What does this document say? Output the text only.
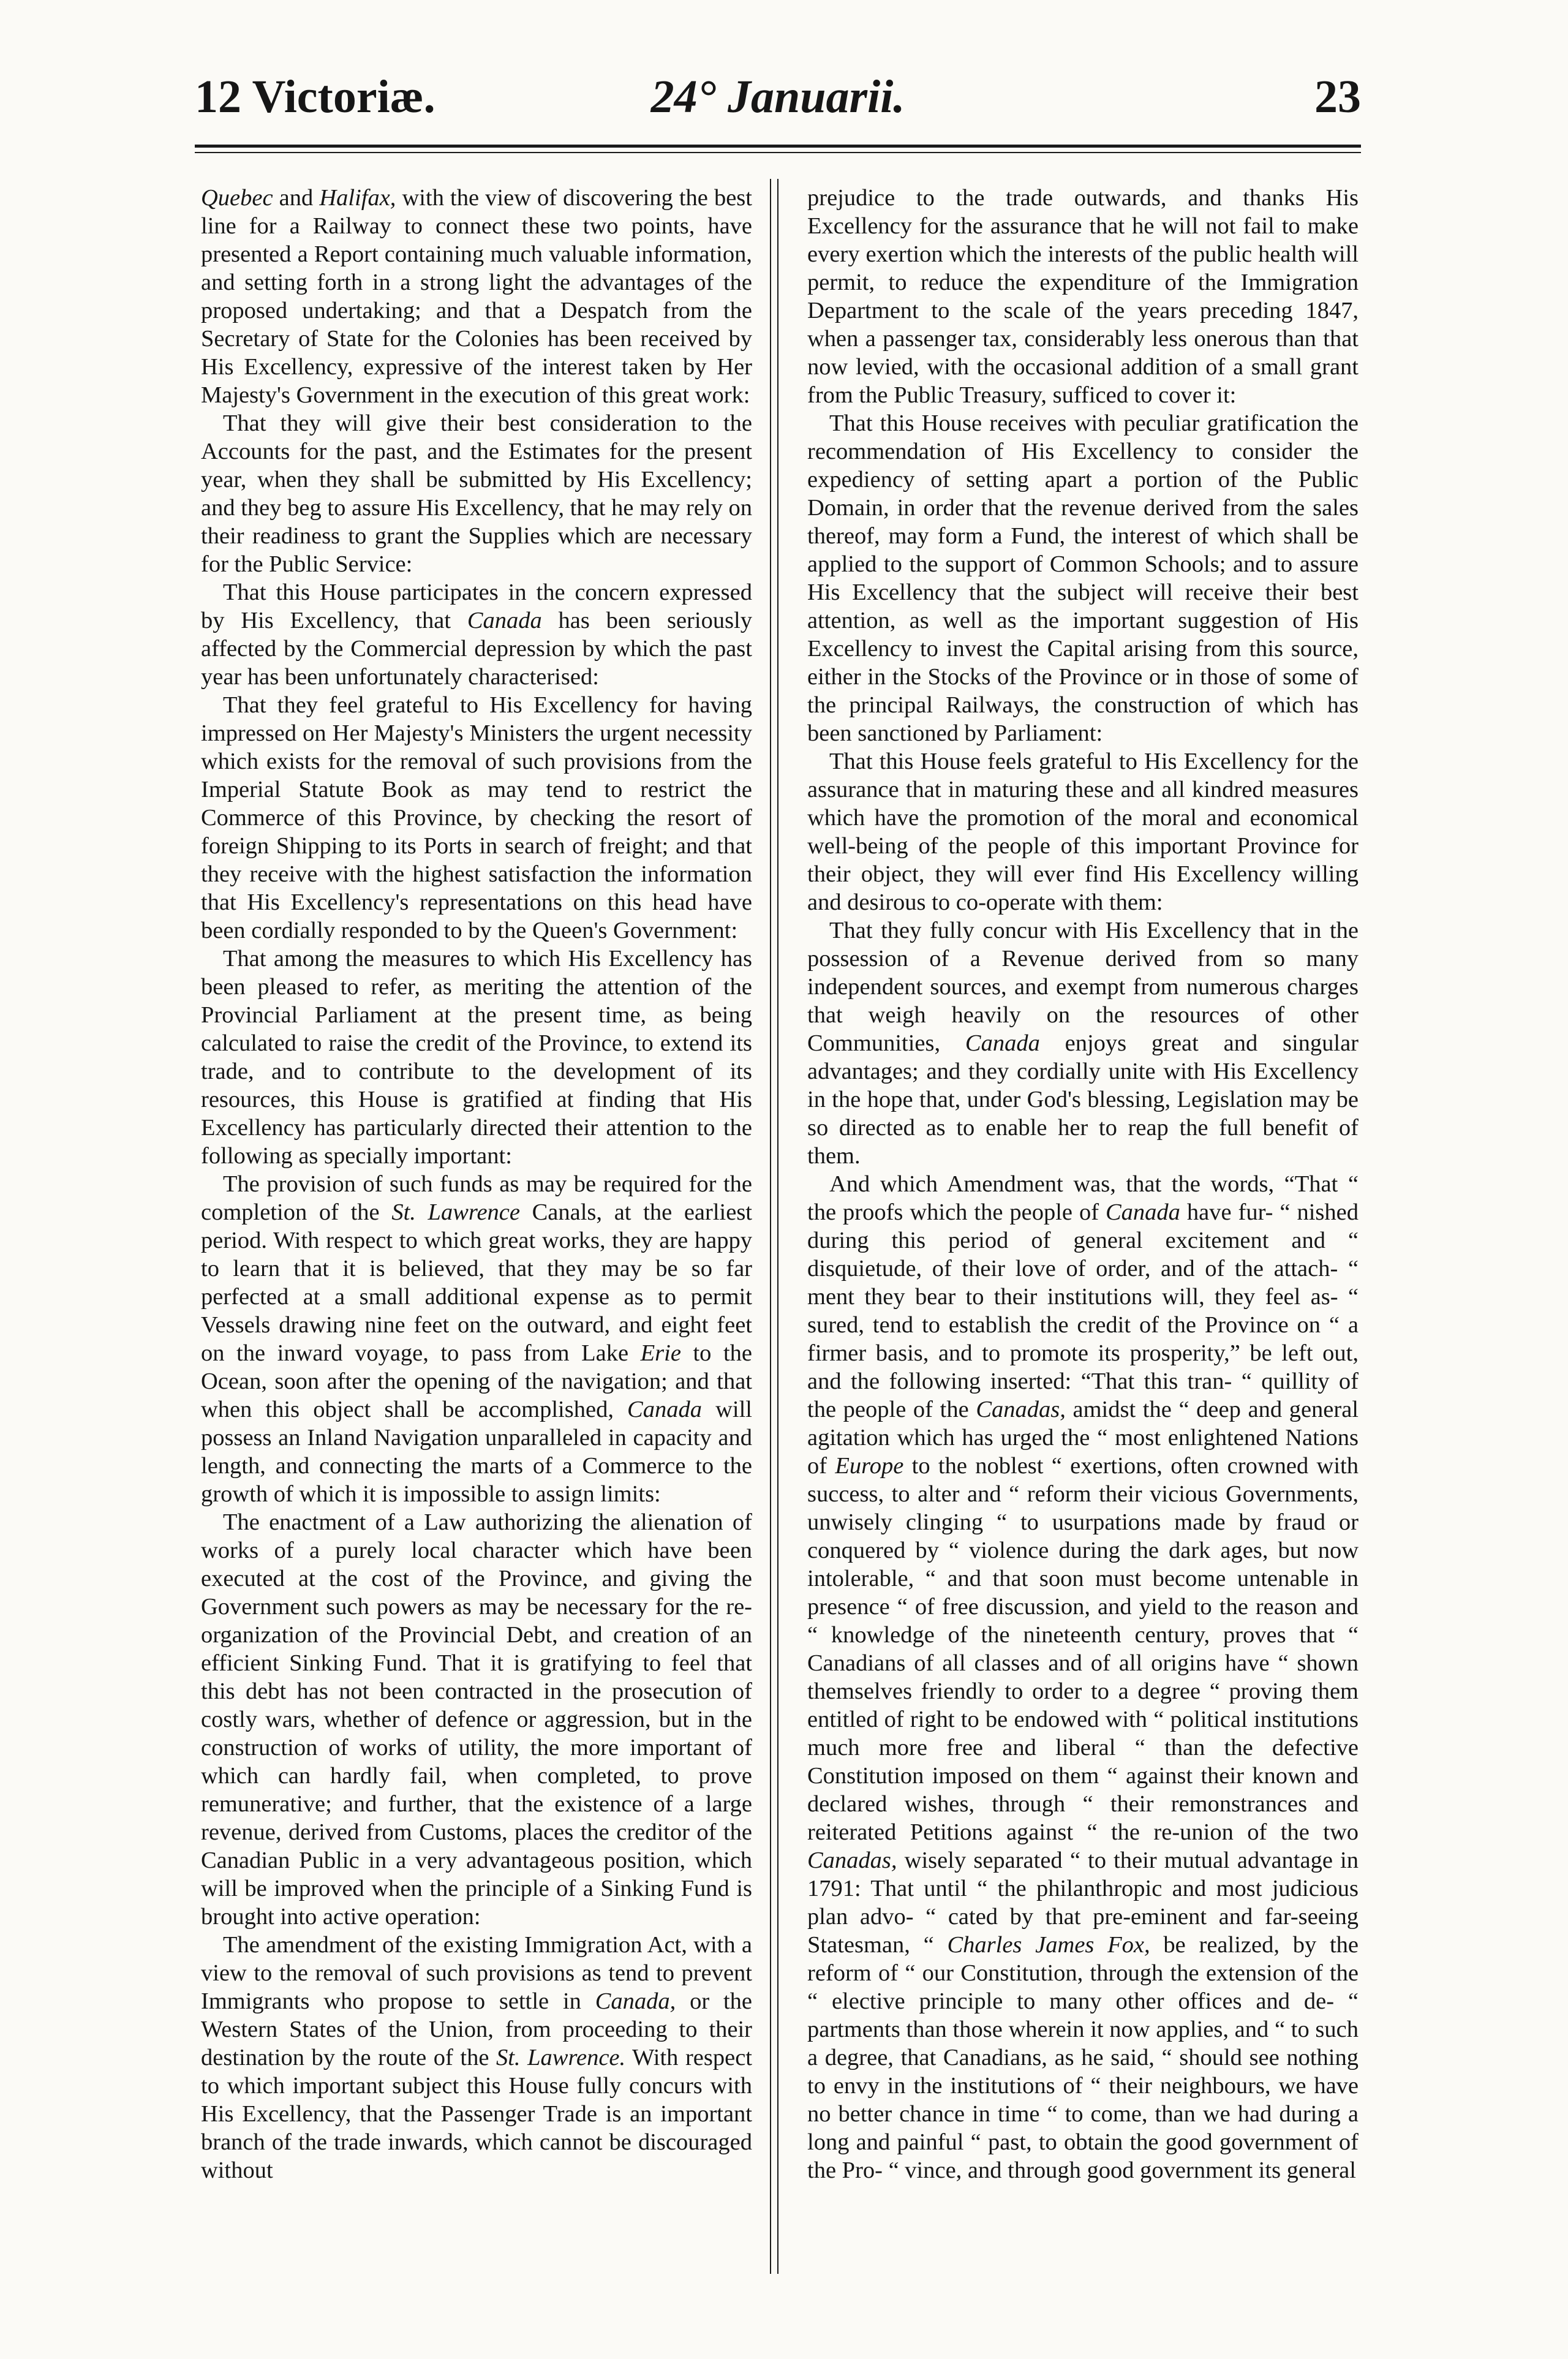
12 Victoriæ.	24° Januarii.	23

Quebec and Halifax, with the view of discovering the best line for a Railway to connect these two points, have presented a Report containing much valuable information, and setting forth in a strong light the advantages of the proposed undertaking; and that a Despatch from the Secretary of State for the Colonies has been received by His Excellency, expressive of the interest taken by Her Majesty's Government in the execution of this great work:

That they will give their best consideration to the Accounts for the past, and the Estimates for the present year, when they shall be submitted by His Excellency; and they beg to assure His Excellency, that he may rely on their readiness to grant the Supplies which are necessary for the Public Service:

That this House participates in the concern expressed by His Excellency, that Canada has been seriously affected by the Commercial depression by which the past year has been unfortunately characterised:

That they feel grateful to His Excellency for having impressed on Her Majesty's Ministers the urgent necessity which exists for the removal of such provisions from the Imperial Statute Book as may tend to restrict the Commerce of this Province, by checking the resort of foreign Shipping to its Ports in search of freight; and that they receive with the highest satisfaction the information that His Excellency's representations on this head have been cordially responded to by the Queen's Government:

That among the measures to which His Excellency has been pleased to refer, as meriting the attention of the Provincial Parliament at the present time, as being calculated to raise the credit of the Province, to extend its trade, and to contribute to the development of its resources, this House is gratified at finding that His Excellency has particularly directed their attention to the following as specially important:

The provision of such funds as may be required for the completion of the St. Lawrence Canals, at the earliest period. With respect to which great works, they are happy to learn that it is believed, that they may be so far perfected at a small additional expense as to permit Vessels drawing nine feet on the outward, and eight feet on the inward voyage, to pass from Lake Erie to the Ocean, soon after the opening of the navigation; and that when this object shall be accomplished, Canada will possess an Inland Navigation unparalleled in capacity and length, and connecting the marts of a Commerce to the growth of which it is impossible to assign limits:

The enactment of a Law authorizing the alienation of works of a purely local character which have been executed at the cost of the Province, and giving the Government such powers as may be necessary for the re-organization of the Provincial Debt, and creation of an efficient Sinking Fund. That it is gratifying to feel that this debt has not been contracted in the prosecution of costly wars, whether of defence or aggression, but in the construction of works of utility, the more important of which can hardly fail, when completed, to prove remunerative; and further, that the existence of a large revenue, derived from Customs, places the creditor of the Canadian Public in a very advantageous position, which will be improved when the principle of a Sinking Fund is brought into active operation:

The amendment of the existing Immigration Act, with a view to the removal of such provisions as tend to prevent Immigrants who propose to settle in Canada, or the Western States of the Union, from proceeding to their destination by the route of the St. Lawrence. With respect to which important subject this House fully concurs with His Excellency, that the Passenger Trade is an important branch of the trade inwards, which cannot be discouraged without

prejudice to the trade outwards, and thanks His Excellency for the assurance that he will not fail to make every exertion which the interests of the public health will permit, to reduce the expenditure of the Immigration Department to the scale of the years preceding 1847, when a passenger tax, considerably less onerous than that now levied, with the occasional addition of a small grant from the Public Treasury, sufficed to cover it:

That this House receives with peculiar gratification the recommendation of His Excellency to consider the expediency of setting apart a portion of the Public Domain, in order that the revenue derived from the sales thereof, may form a Fund, the interest of which shall be applied to the support of Common Schools; and to assure His Excellency that the subject will receive their best attention, as well as the important suggestion of His Excellency to invest the Capital arising from this source, either in the Stocks of the Province or in those of some of the principal Railways, the construction of which has been sanctioned by Parliament:

That this House feels grateful to His Excellency for the assurance that in maturing these and all kindred measures which have the promotion of the moral and economical well-being of the people of this important Province for their object, they will ever find His Excellency willing and desirous to co-operate with them:

That they fully concur with His Excellency that in the possession of a Revenue derived from so many independent sources, and exempt from numerous charges that weigh heavily on the resources of other Communities, Canada enjoys great and singular advantages; and they cordially unite with His Excellency in the hope that, under God's blessing, Legislation may be so directed as to enable her to reap the full benefit of them.

And which Amendment was, that the words, “That “ the proofs which the people of Canada have fur- “ nished during this period of general excitement and “ disquietude, of their love of order, and of the attach- “ ment they bear to their institutions will, they feel as- “ sured, tend to establish the credit of the Province on “ a firmer basis, and to promote its prosperity,” be left out, and the following inserted: “That this tran- “ quillity of the people of the Canadas, amidst the “ deep and general agitation which has urged the “ most enlightened Nations of Europe to the noblest “ exertions, often crowned with success, to alter and “ reform their vicious Governments, unwisely clinging “ to usurpations made by fraud or conquered by “ violence during the dark ages, but now intolerable, “ and that soon must become untenable in presence “ of free discussion, and yield to the reason and “ knowledge of the nineteenth century, proves that “ Canadians of all classes and of all origins have “ shown themselves friendly to order to a degree “ proving them entitled of right to be endowed with “ political institutions much more free and liberal “ than the defective Constitution imposed on them “ against their known and declared wishes, through “ their remonstrances and reiterated Petitions against “ the re-union of the two Canadas, wisely separated “ to their mutual advantage in 1791: That until “ the philanthropic and most judicious plan advo- “ cated by that pre-eminent and far-seeing Statesman, “ Charles James Fox, be realized, by the reform of “ our Constitution, through the extension of the “ elective principle to many other offices and de- “ partments than those wherein it now applies, and “ to such a degree, that Canadians, as he said, “ should see nothing to envy in the institutions of “ their neighbours, we have no better chance in time “ to come, than we had during a long and painful “ past, to obtain the good government of the Pro- “ vince, and through good government its general
